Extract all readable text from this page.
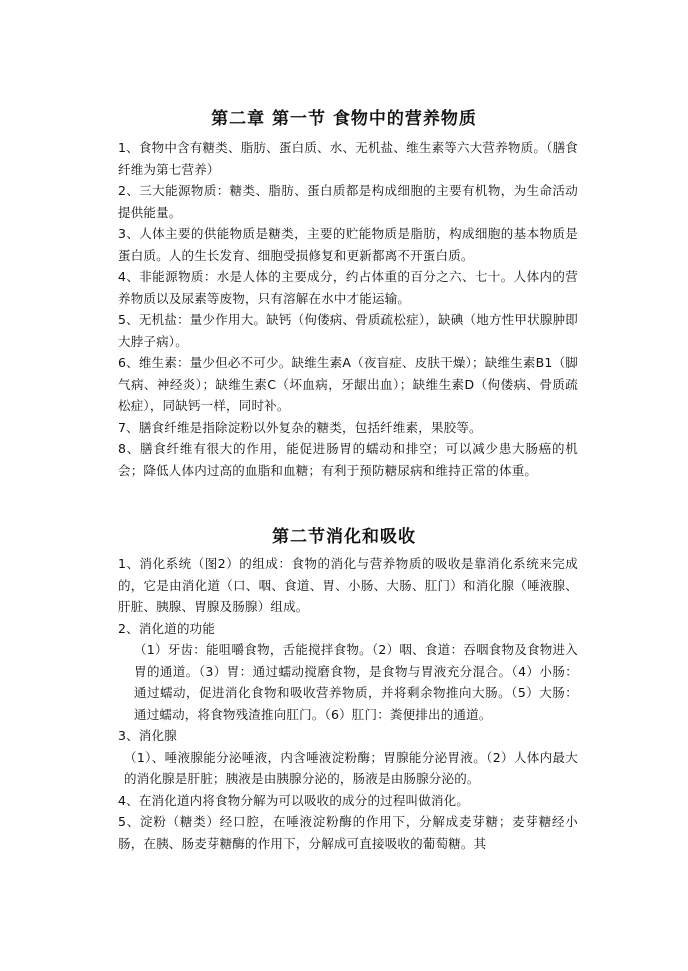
第二章 第一节 食物中的营养物质

1、食物中含有糖类、脂肪、蛋白质、水、无机盐、维生素等六大营养物质。（膳食纤维为第七营养）

2、三大能源物质：糖类、脂肪、蛋白质都是构成细胞的主要有机物，为生命活动提供能量。

3、人体主要的供能物质是糖类，主要的贮能物质是脂肪，构成细胞的基本物质是蛋白质。人的生长发育、细胞受损修复和更新都离不开蛋白质。

4、非能源物质：水是人体的主要成分，约占体重的百分之六、七十。人体内的营养物质以及尿素等废物，只有溶解在水中才能运输。

5、无机盐：量少作用大。缺钙（佝偻病、骨质疏松症），缺碘（地方性甲状腺肿即大脖子病）。

6、维生素：量少但必不可少。缺维生素A（夜盲症、皮肤干燥）；缺维生素B1（脚气病、神经炎）；缺维生素C（坏血病，牙龈出血）；缺维生素D（佝偻病、骨质疏松症），同缺钙一样，同时补。

7、膳食纤维是指除淀粉以外复杂的糖类，包括纤维素，果胶等。

8、膳食纤维有很大的作用，能促进肠胃的蠕动和排空；可以减少患大肠癌的机会；降低人体内过高的血脂和血糖；有利于预防糖尿病和维持正常的体重。

第二节消化和吸收

1、消化系统（图2）的组成：食物的消化与营养物质的吸收是靠消化系统来完成的，它是由消化道（口、咽、食道、胃、小肠、大肠、肛门）和消化腺（唾液腺、肝脏、胰腺、胃腺及肠腺）组成。

2、消化道的功能

（1）牙齿：能咀嚼食物，舌能搅拌食物。（2）咽、食道：吞咽食物及食物进入胃的通道。（3）胃：通过蠕动搅磨食物，是食物与胃液充分混合。（4）小肠：通过蠕动，促进消化食物和吸收营养物质，并将剩余物推向大肠。（5）大肠：通过蠕动，将食物残渣推向肛门。（6）肛门：粪便排出的通道。

3、消化腺

（1）、唾液腺能分泌唾液，内含唾液淀粉酶；胃腺能分泌胃液。（2）人体内最大的消化腺是肝脏；胰液是由胰腺分泌的，肠液是由肠腺分泌的。

4、在消化道内将食物分解为可以吸收的成分的过程叫做消化。

5、淀粉（糖类）经口腔，在唾液淀粉酶的作用下，分解成麦芽糖；麦芽糖经小肠，在胰、肠麦芽糖酶的作用下，分解成可直接吸收的葡萄糖。其
